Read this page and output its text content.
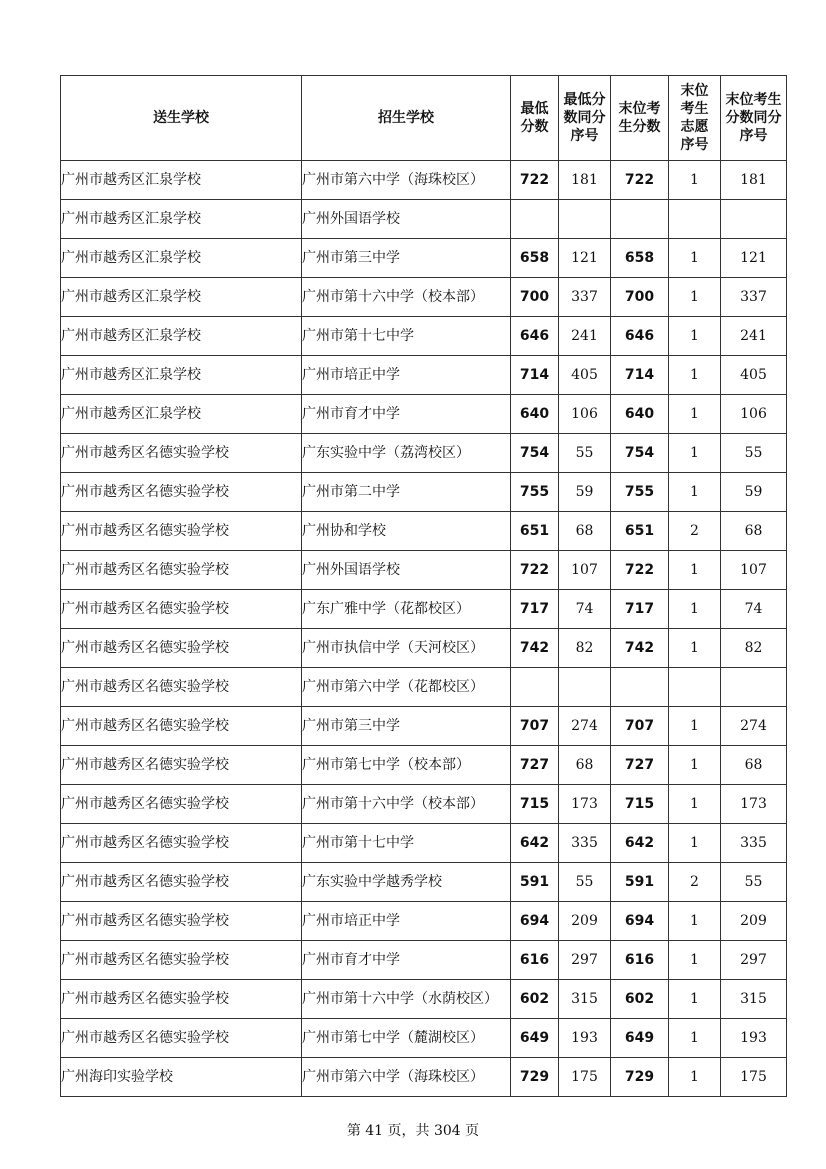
送生学校	招生学校	最低分数	最低分数同分序号	末位考生分数	末位考生志愿序号	末位考生分数同分序号
广州市越秀区汇泉学校	广州市第六中学（海珠校区）	722	181	722	1	181
广州市越秀区汇泉学校	广州外国语学校					
广州市越秀区汇泉学校	广州市第三中学	658	121	658	1	121
广州市越秀区汇泉学校	广州市第十六中学（校本部）	700	337	700	1	337
广州市越秀区汇泉学校	广州市第十七中学	646	241	646	1	241
广州市越秀区汇泉学校	广州市培正中学	714	405	714	1	405
广州市越秀区汇泉学校	广州市育才中学	640	106	640	1	106
广州市越秀区名德实验学校	广东实验中学（荔湾校区）	754	55	754	1	55
广州市越秀区名德实验学校	广州市第二中学	755	59	755	1	59
广州市越秀区名德实验学校	广州协和学校	651	68	651	2	68
广州市越秀区名德实验学校	广州外国语学校	722	107	722	1	107
广州市越秀区名德实验学校	广东广雅中学（花都校区）	717	74	717	1	74
广州市越秀区名德实验学校	广州市执信中学（天河校区）	742	82	742	1	82
广州市越秀区名德实验学校	广州市第六中学（花都校区）					
广州市越秀区名德实验学校	广州市第三中学	707	274	707	1	274
广州市越秀区名德实验学校	广州市第七中学（校本部）	727	68	727	1	68
广州市越秀区名德实验学校	广州市第十六中学（校本部）	715	173	715	1	173
广州市越秀区名德实验学校	广州市第十七中学	642	335	642	1	335
广州市越秀区名德实验学校	广东实验中学越秀学校	591	55	591	2	55
广州市越秀区名德实验学校	广州市培正中学	694	209	694	1	209
广州市越秀区名德实验学校	广州市育才中学	616	297	616	1	297
广州市越秀区名德实验学校	广州市第十六中学（水荫校区）	602	315	602	1	315
广州市越秀区名德实验学校	广州市第七中学（麓湖校区）	649	193	649	1	193
广州海印实验学校	广州市第六中学（海珠校区）	729	175	729	1	175
第 41 页，共 304 页
